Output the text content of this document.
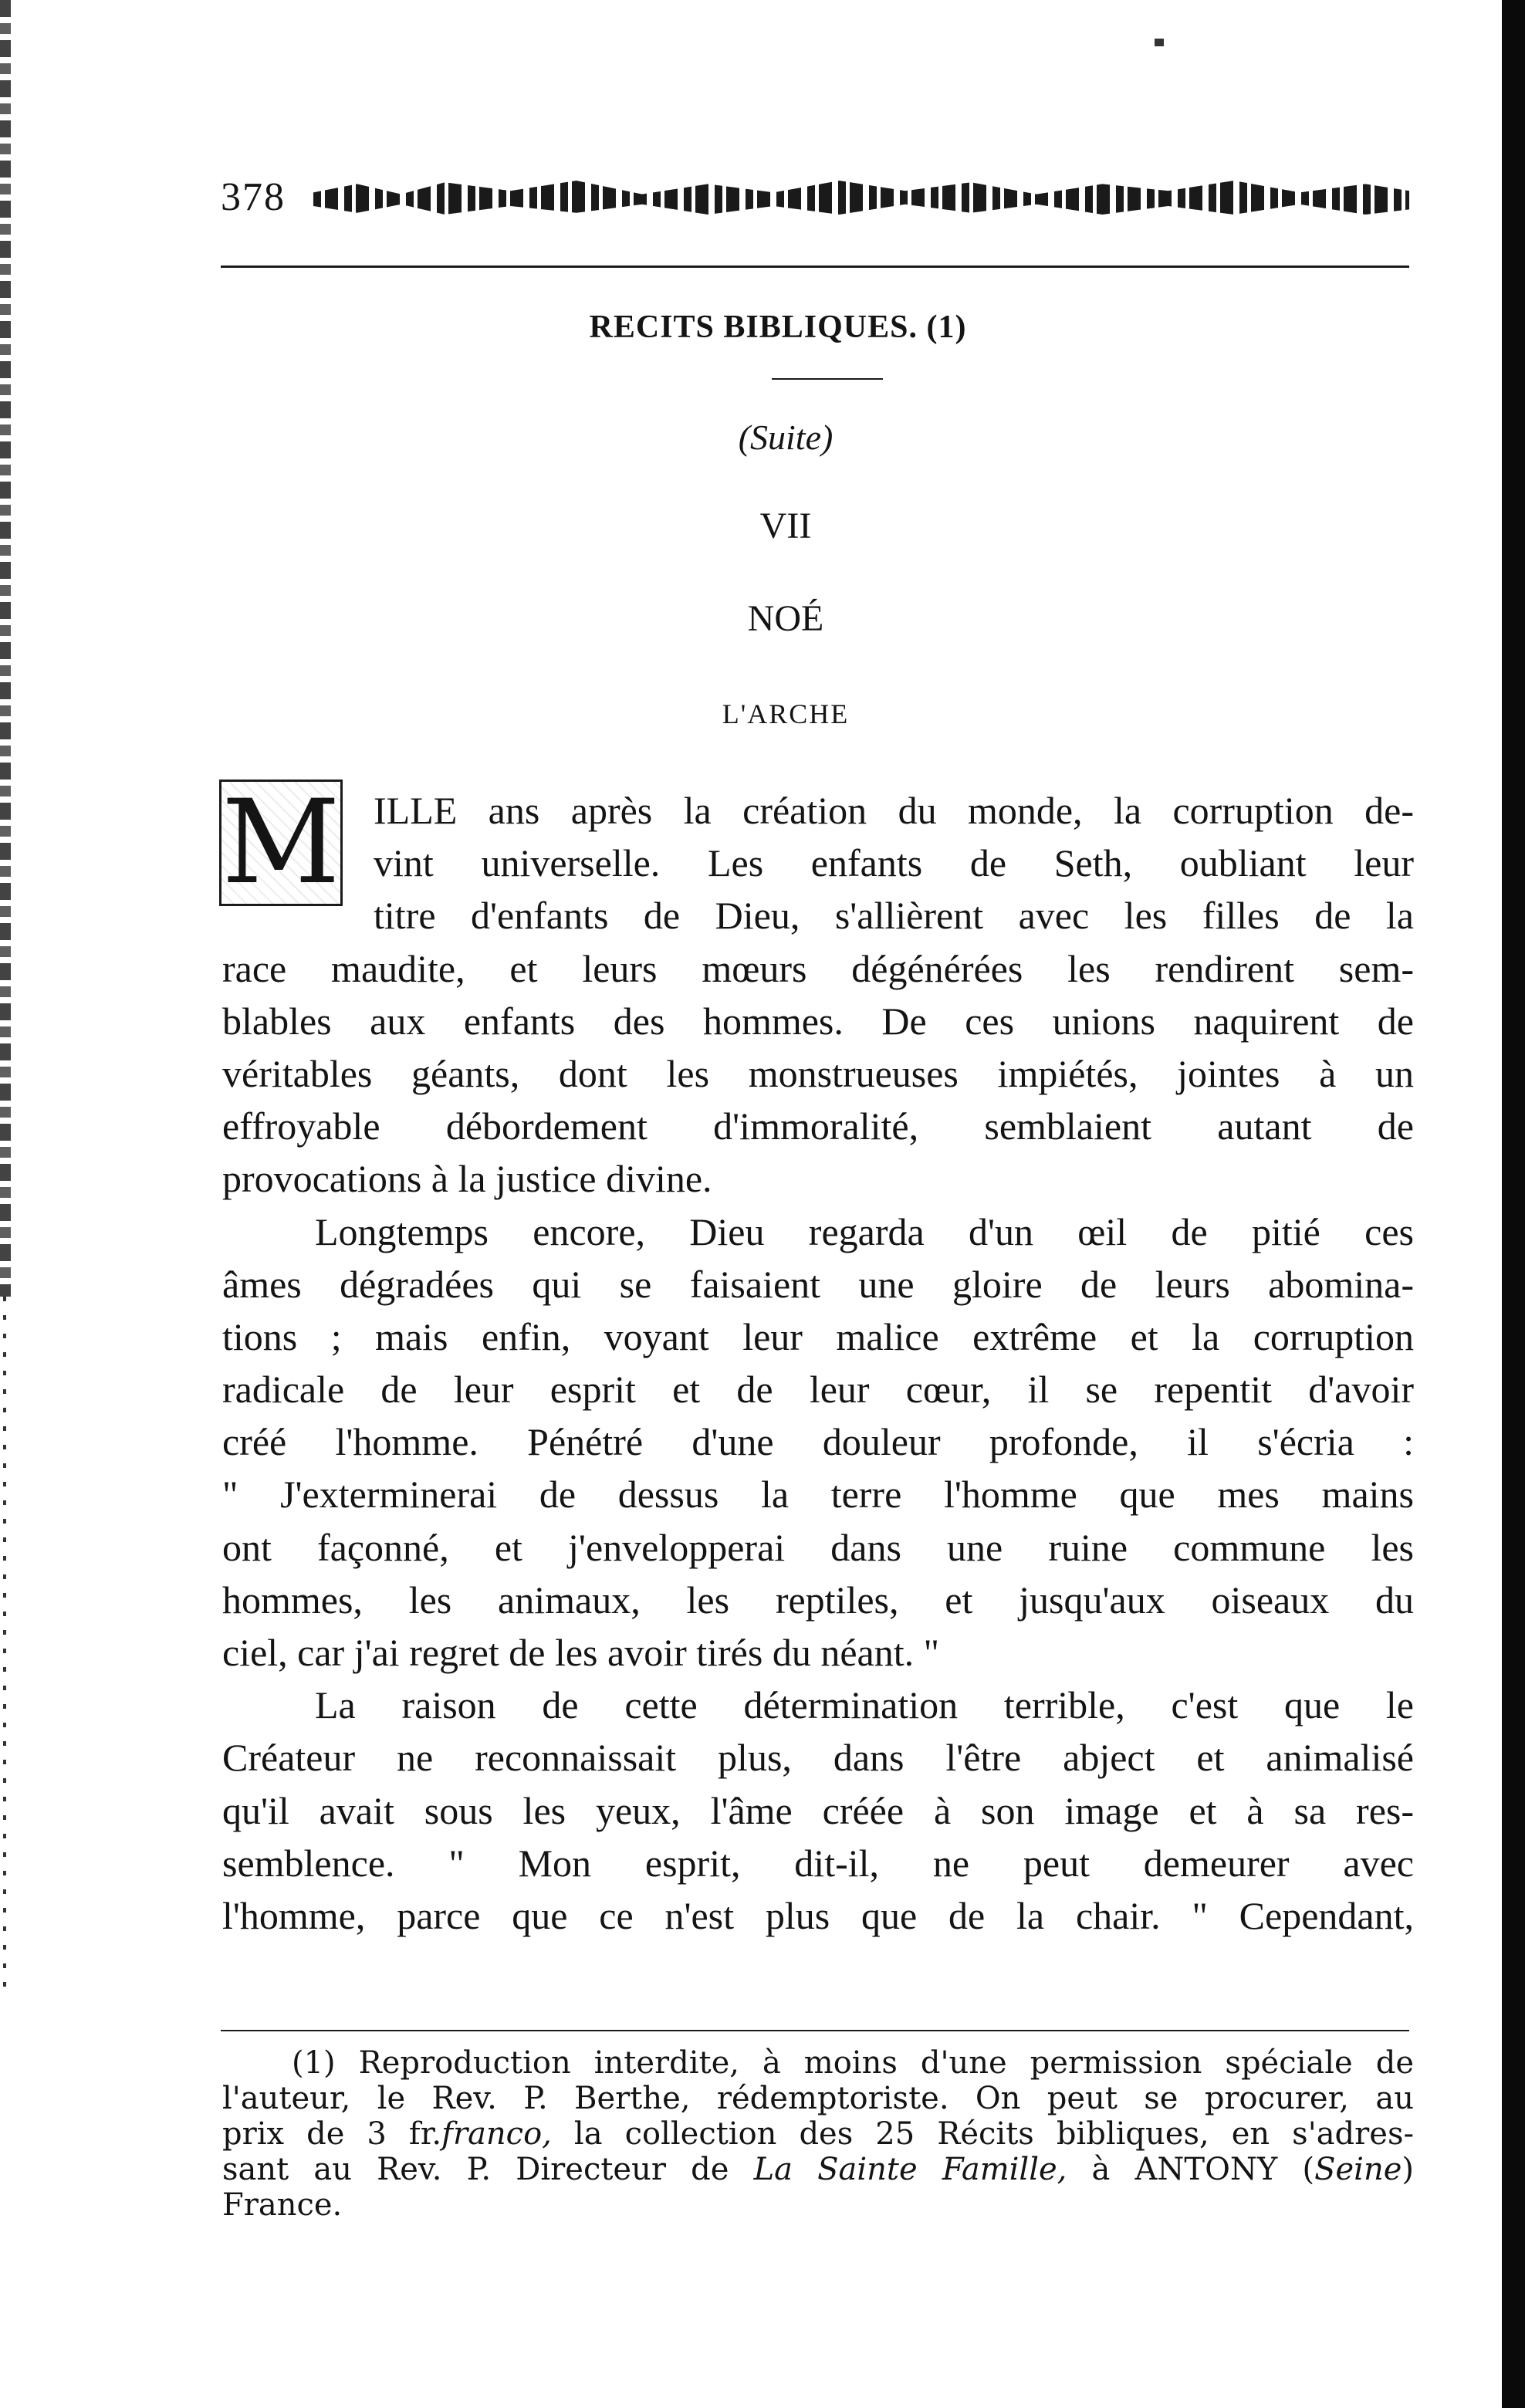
378
RECITS BIBLIQUES. (1)
(Suite)
VII
NOÉ
L'ARCHE
M ILLE ans après la création du monde, la corruption de-
vint universelle. Les enfants de Seth, oubliant leur
titre d'enfants de Dieu, s'allièrent avec les filles de la
race maudite, et leurs mœurs dégénérées les rendirent sem-
blables aux enfants des hommes. De ces unions naquirent de
véritables géants, dont les monstrueuses impiétés, jointes à un
effroyable débordement d'immoralité, semblaient autant de
provocations à la justice divine.
Longtemps encore, Dieu regarda d'un œil de pitié ces
âmes dégradées qui se faisaient une gloire de leurs abomina-
tions ; mais enfin, voyant leur malice extrême et la corruption
radicale de leur esprit et de leur cœur, il se repentit d'avoir
créé l'homme. Pénétré d'une douleur profonde, il s'écria :
" J'exterminerai de dessus la terre l'homme que mes mains
ont façonné, et j'envelopperai dans une ruine commune les
hommes, les animaux, les reptiles, et jusqu'aux oiseaux du
ciel, car j'ai regret de les avoir tirés du néant. "
La raison de cette détermination terrible, c'est que le
Créateur ne reconnaissait plus, dans l'être abject et animalisé
qu'il avait sous les yeux, l'âme créée à son image et à sa res-
semblence. " Mon esprit, dit-il, ne peut demeurer avec
l'homme, parce que ce n'est plus que de la chair. " Cependant,
(1) Reproduction interdite, à moins d'une permission spéciale de
l'auteur, le Rev. P. Berthe, rédemptoriste. On peut se procurer, au
prix de 3 fr.franco, la collection des 25 Récits bibliques, en s'adres-
sant au Rev. P. Directeur de La Sainte Famille, à ANTONY (Seine)
France.
